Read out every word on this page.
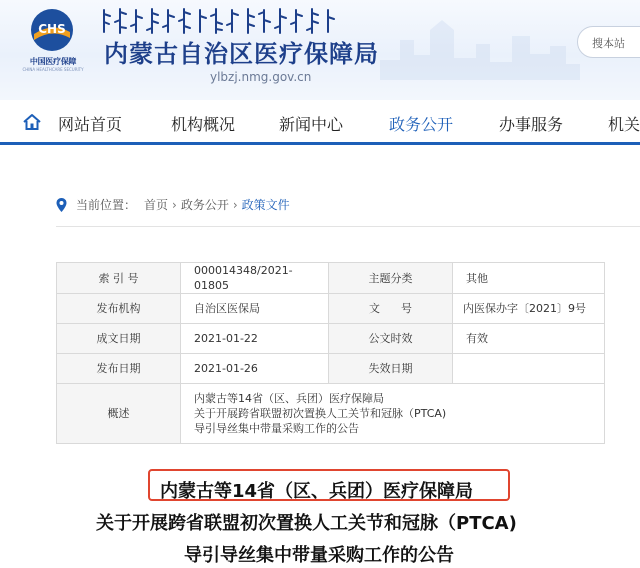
CHS
中国医疗保障
CHINA HEALTHCARE SECURITY
内蒙古自治区医疗保障局
ylbzj.nmg.gov.cn
搜本站
网站首页	机构概况	新闻中心	政务公开	办事服务	机关
当前位置： 首页 › 政务公开 › 政策文件
索 引 号	000014348/2021-01805	主题分类	其他
发布机构	自治区医保局	文      号	内医保办字〔2021〕9号
成文日期	2021-01-22	公文时效	有效
发布日期	2021-01-26	失效日期	
概述	内蒙古等14省（区、兵团）医疗保障局
关于开展跨省联盟初次置换人工关节和冠脉（PTCA)
导引导丝集中带量采购工作的公告		
内蒙古等14省（区、兵团）医疗保障局
关于开展跨省联盟初次置换人工关节和冠脉（PTCA)
导引导丝集中带量采购工作的公告
